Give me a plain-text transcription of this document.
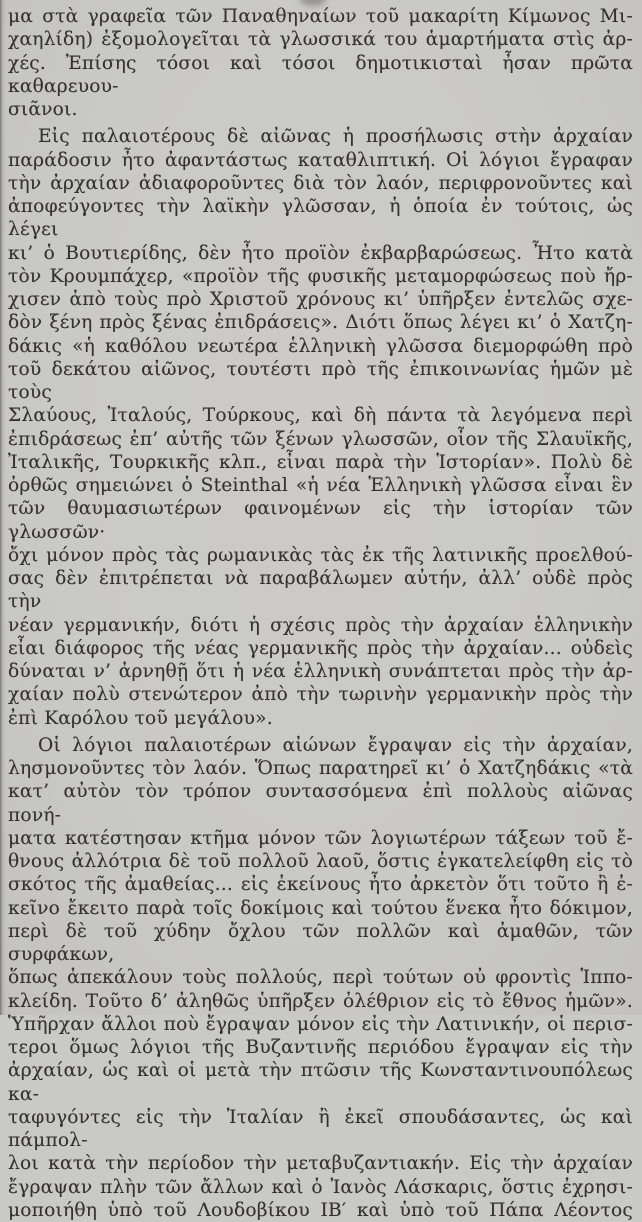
μα στὰ γραφεῖα τῶν Παναθηναίων τοῦ μακαρίτη Κίμωνος Μι-
χαηλίδη) ἐξομολογεῖται τὰ γλωσσικά του ἁμαρτήματα στὶς ἀρ-
χές. Ἐπίσης τόσοι καὶ τόσοι δημοτικισταὶ ἦσαν πρῶτα καθαρευου-
σιᾶνοι.
Εἰς παλαιοτέρους δὲ αἰῶνας ἡ προσήλωσις στὴν ἀρχαίαν
παράδοσιν ἦτο ἀφαντάστως καταθλιπτική. Οἱ λόγιοι ἔγραφαν
τὴν ἀρχαίαν ἀδιαφοροῦντες διὰ τὸν λαόν, περιφρονοῦντες καὶ
ἀποφεύγοντες τὴν λαϊκὴν γλῶσσαν, ἡ ὁποία ἐν τούτοις, ὡς λέγει
κι’ ὁ Βουτιερίδης, δὲν ἦτο προϊὸν ἐκβαρβαρώσεως. Ἦτο κατὰ
τὸν Κρουμπάχερ, «προϊὸν τῆς φυσικῆς μεταμορφώσεως ποὺ ἤρ-
χισεν ἀπὸ τοὺς πρὸ Χριστοῦ χρόνους κι’ ὑπῆρξεν ἐντελῶς σχε-
δὸν ξένη πρὸς ξένας ἐπιδράσεις». Διότι ὅπως λέγει κι’ ὁ Χατζη-
δάκις «ἡ καθόλου νεωτέρα ἑλληνικὴ γλῶσσα διεμορφώθη πρὸ
τοῦ δεκάτου αἰῶνος, τουτέστι πρὸ τῆς ἐπικοινωνίας ἡμῶν μὲ τοὺς
Σλαύους, Ἰταλούς, Τούρκους, καὶ δὴ πάντα τὰ λεγόμενα περὶ
ἐπιδράσεως ἐπ’ αὐτῆς τῶν ξένων γλωσσῶν, οἷον τῆς Σλαυϊκῆς,
Ἰταλικῆς, Τουρκικῆς κλπ., εἶναι παρὰ τὴν Ἱστορίαν». Πολὺ δὲ
ὀρθῶς σημειώνει ὁ Steinthal «ἡ νέα Ἑλληνικὴ γλῶσσα εἶναι ἓν
τῶν θαυμασιωτέρων φαινομένων εἰς τὴν ἱστορίαν τῶν γλωσσῶν·
ὄχι μόνον πρὸς τὰς ρωμανικὰς τὰς ἐκ τῆς λατινικῆς προελθού-
σας δὲν ἐπιτρέπεται νὰ παραβάλωμεν αὐτήν, ἀλλ’ οὐδὲ πρὸς τὴν
νέαν γερμανικήν, διότι ἡ σχέσις πρὸς τὴν ἀρχαίαν ἑλληνικὴν
εἶαι διάφορος τῆς νέας γερμανικῆς πρὸς τὴν ἀρχαίαν... οὐδεὶς
δύναται ν’ ἀρνηθῇ ὅτι ἡ νέα ἑλληνικὴ συνάπτεται πρὸς τὴν ἀρ-
χαίαν πολὺ στενώτερον ἀπὸ τὴν τωρινὴν γερμανικὴν πρὸς τὴν
ἐπὶ Καρόλου τοῦ μεγάλου».
Οἱ λόγιοι παλαιοτέρων αἰώνων ἔγραψαν εἰς τὴν ἀρχαίαν,
λησμονοῦντες τὸν λαόν. Ὅπως παρατηρεῖ κι’ ὁ Χατζηδάκις «τὰ
κατ’ αὐτὸν τὸν τρόπον συντασσόμενα ἐπὶ πολλοὺς αἰῶνας πονή-
ματα κατέστησαν κτῆμα μόνον τῶν λογιωτέρων τάξεων τοῦ ἔ-
θνους ἀλλότρια δὲ τοῦ πολλοῦ λαοῦ, ὅστις ἐγκατελείφθη εἰς τὸ
σκότος τῆς ἀμαθείας... εἰς ἐκείνους ἦτο ἀρκετὸν ὅτι τοῦτο ἢ ἐ-
κεῖνο ἔκειτο παρὰ τοῖς δοκίμοις καὶ τούτου ἕνεκα ἦτο δόκιμον,
περὶ δὲ τοῦ χύδην ὄχλου τῶν πολλῶν καὶ ἀμαθῶν, τῶν συρφάκων,
ὅπως ἀπεκάλουν τοὺς πολλούς, περὶ τούτων οὐ φροντὶς Ἱππο-
κλείδη. Τοῦτο δ’ ἀληθῶς ὑπῆρξεν ὀλέθριον εἰς τὸ ἔθνος ἡμῶν».
Ὑπῆρχαν ἄλλοι ποὺ ἔγραψαν μόνον εἰς τὴν Λατινικήν, οἱ περισ-
τεροι ὅμως λόγιοι τῆς Βυζαντινῆς περιόδου ἔγραψαν εἰς τὴν
ἀρχαίαν, ὡς καὶ οἱ μετὰ τὴν πτῶσιν τῆς Κωνσταντινουπόλεως κα-
ταφυγόντες εἰς τὴν Ἰταλίαν ἢ ἐκεῖ σπουδάσαντες, ὡς καὶ πάμπολ-
λοι κατὰ τὴν περίοδον τὴν μεταβυζαντιακήν. Εἰς τὴν ἀρχαίαν
ἔγραψαν πλὴν τῶν ἄλλων καὶ ὁ Ἰανὸς Λάσκαρις, ὅστις ἐχρησι-
μοποιήθη ὑπὸ τοῦ Λουδοβίκου ΙΒ′ καὶ ὑπὸ τοῦ Πάπα Λέοντος
